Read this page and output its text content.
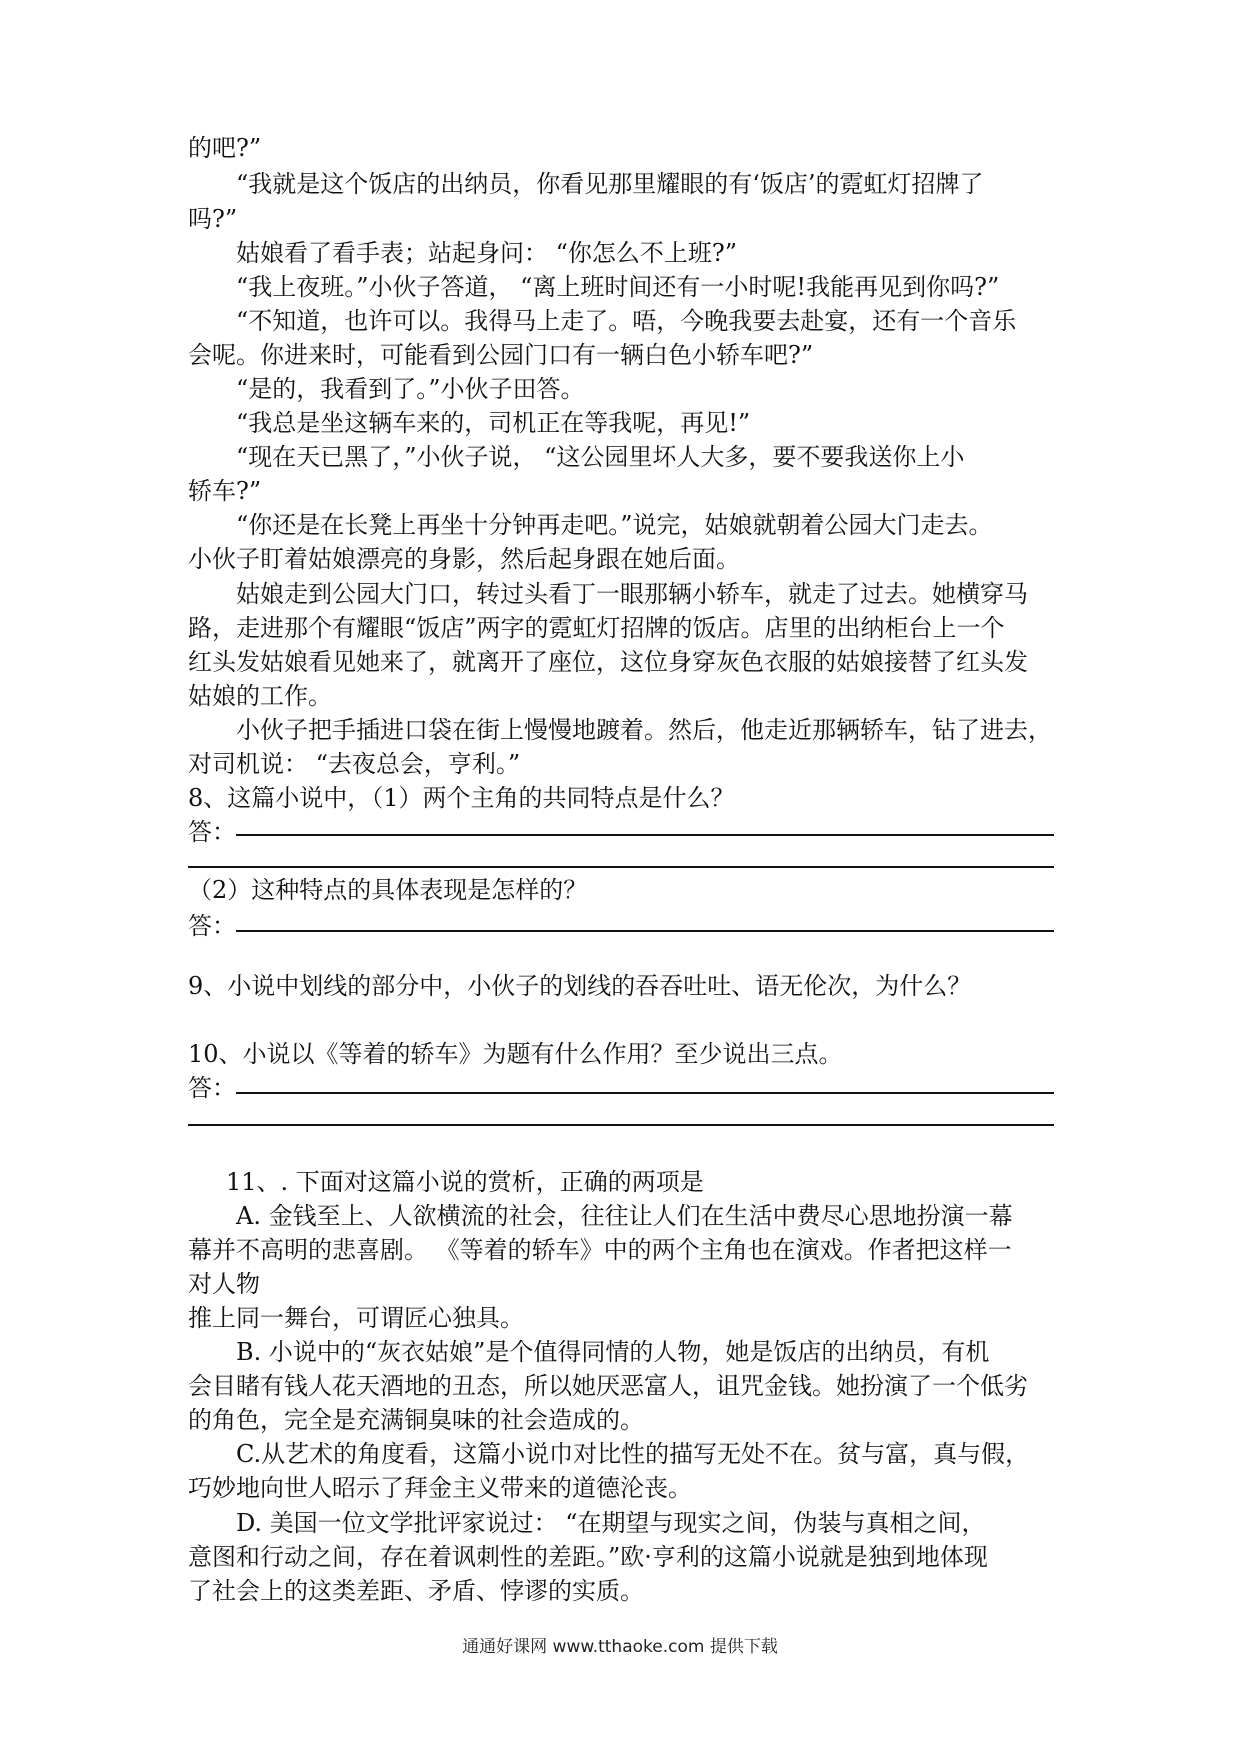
的吧?”
“我就是这个饭店的出纳员，你看见那里耀眼的有‘饭店’的霓虹灯招牌了
吗?”
姑娘看了看手表；站起身问： “你怎么不上班?”
“我上夜班。”小伙子答道， “离上班时间还有一小时呢!我能再见到你吗?”
“不知道，也许可以。我得马上走了。唔，今晚我要去赴宴，还有一个音乐
会呢。你进来时，可能看到公园门口有一辆白色小轿车吧?”
“是的，我看到了。”小伙子田答。
“我总是坐这辆车来的，司机正在等我呢，再见!”
“现在天已黑了，”小伙子说， “这公园里坏人大多，要不要我送你上小
轿车?”
“你还是在长凳上再坐十分钟再走吧。”说完，姑娘就朝着公园大门走去。
小伙子盯着姑娘漂亮的身影，然后起身跟在她后面。
姑娘走到公园大门口，转过头看丁一眼那辆小轿车，就走了过去。她横穿马
路，走进那个有耀眼“饭店”两字的霓虹灯招牌的饭店。店里的出纳柜台上一个
红头发姑娘看见她来了，就离开了座位，这位身穿灰色衣服的姑娘接替了红头发
姑娘的工作。
小伙子把手插进口袋在街上慢慢地踱着。然后，他走近那辆轿车，钻了进去，
对司机说： “去夜总会，亨利。”
8、这篇小说中，（1）两个主角的共同特点是什么？
答：
（2）这种特点的具体表现是怎样的？
答：
9、小说中划线的部分中，小伙子的划线的吞吞吐吐、语无伦次，为什么？
10、小说以《等着的轿车》为题有什么作用？至少说出三点。
答：
11、. 下面对这篇小说的赏析，正确的两项是
A. 金钱至上、人欲横流的社会，往往让人们在生活中费尽心思地扮演一幕
幕并不高明的悲喜剧。 《等着的轿车》中的两个主角也在演戏。作者把这样一
对人物
推上同一舞台，可谓匠心独具。
B. 小说中的“灰衣姑娘”是个值得同情的人物，她是饭店的出纳员，有机
会目睹有钱人花天酒地的丑态，所以她厌恶富人，诅咒金钱。她扮演了一个低劣
的角色，完全是充满铜臭味的社会造成的。
C.从艺术的角度看，这篇小说巾对比性的描写无处不在。贫与富，真与假，
巧妙地向世人昭示了拜金主义带来的道德沦丧。
D. 美国一位文学批评家说过： “在期望与现实之间，伪装与真相之间，
意图和行动之间，存在着讽刺性的差距。”欧·亨利的这篇小说就是独到地体现
了社会上的这类差距、矛盾、悖谬的实质。
通通好课网 www.tthaoke.com 提供下载
